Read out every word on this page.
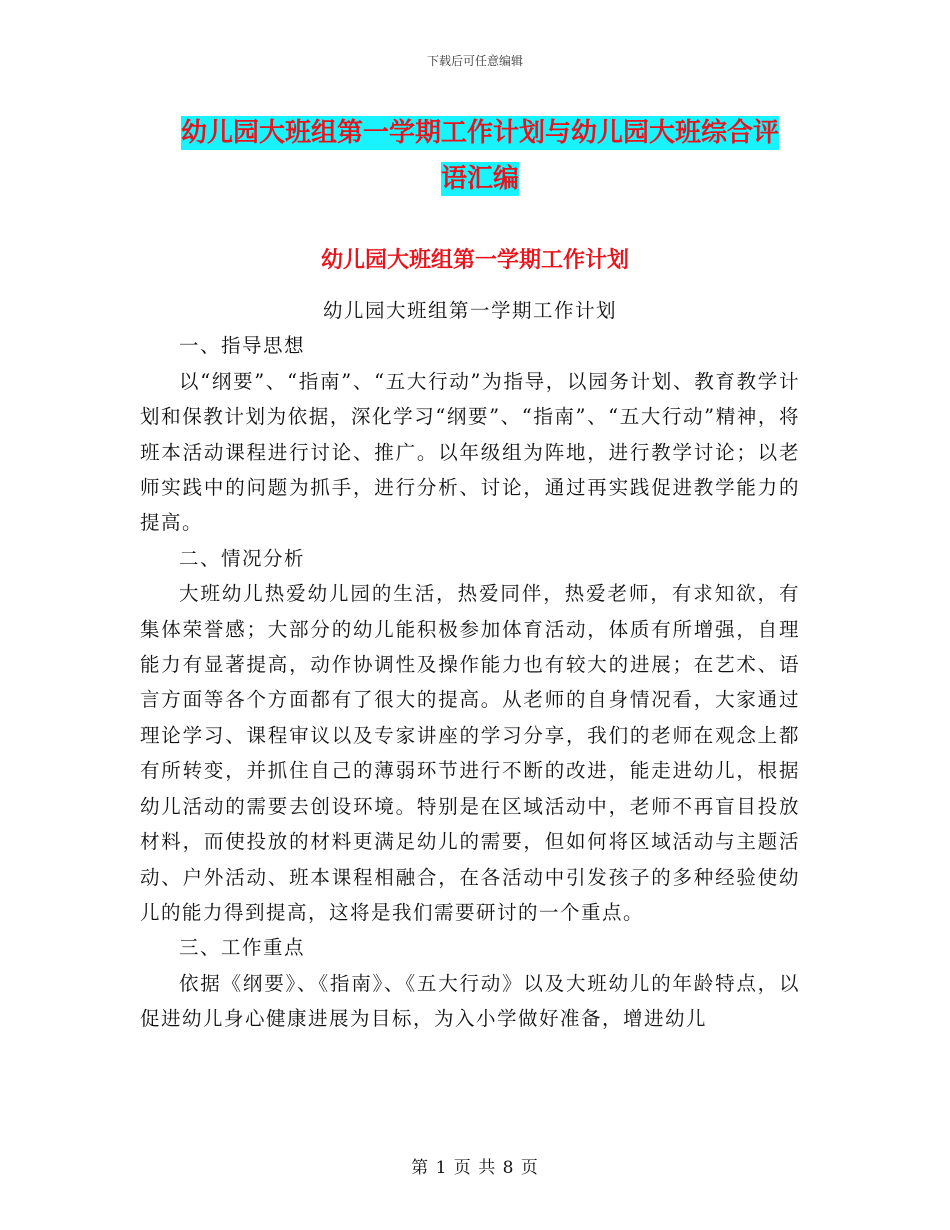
下载后可任意编辑
幼儿园大班组第一学期工作计划与幼儿园大班综合评
语汇编
幼儿园大班组第一学期工作计划

幼儿园大班组第一学期工作计划

一、指导思想

以“纲要”、“指南”、“五大行动”为指导，以园务计划、教育教学计划和保教计划为依据，深化学习“纲要”、“指南”、“五大行动”精神，将班本活动课程进行讨论、推广。以年级组为阵地，进行教学讨论；以老师实践中的问题为抓手，进行分析、讨论，通过再实践促进教学能力的提高。

二、情况分析

大班幼儿热爱幼儿园的生活，热爱同伴，热爱老师，有求知欲，有集体荣誉感；大部分的幼儿能积极参加体育活动，体质有所增强，自理能力有显著提高，动作协调性及操作能力也有较大的进展；在艺术、语言方面等各个方面都有了很大的提高。从老师的自身情况看，大家通过理论学习、课程审议以及专家讲座的学习分享，我们的老师在观念上都有所转变，并抓住自己的薄弱环节进行不断的改进，能走进幼儿，根据幼儿活动的需要去创设环境。特别是在区域活动中，老师不再盲目投放材料，而使投放的材料更满足幼儿的需要，但如何将区域活动与主题活动、户外活动、班本课程相融合，在各活动中引发孩子的多种经验使幼儿的能力得到提高，这将是我们需要研讨的一个重点。

三、工作重点

依据《纲要》、《指南》、《五大行动》以及大班幼儿的年龄特点，以促进幼儿身心健康进展为目标，为入小学做好准备，增进幼儿

第 1 页 共 8 页
